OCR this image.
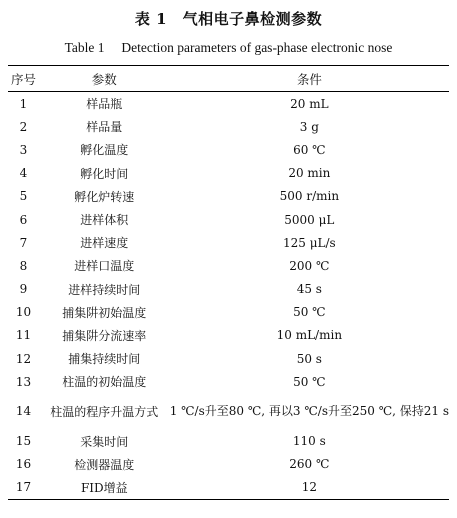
表 1　气相电子鼻检测参数
Table 1　 Detection parameters of gas-phase electronic nose
序号	参数	条件
1	样品瓶	20 mL
2	样品量	3 g
3	孵化温度	60 ℃
4	孵化时间	20 min
5	孵化炉转速	500 r/min
6	进样体积	5000 μL
7	进样速度	125 μL/s
8	进样口温度	200 ℃
9	进样持续时间	45 s
10	捕集阱初始温度	50 ℃
11	捕集阱分流速率	10 mL/min
12	捕集持续时间	50 s
13	柱温的初始温度	50 ℃
14	柱温的程序升温方式	1 ℃/s升至80 ℃, 再以3 ℃/s升至250 ℃, 保持21 s
15	采集时间	110 s
16	检测器温度	260 ℃
17	FID增益	12
